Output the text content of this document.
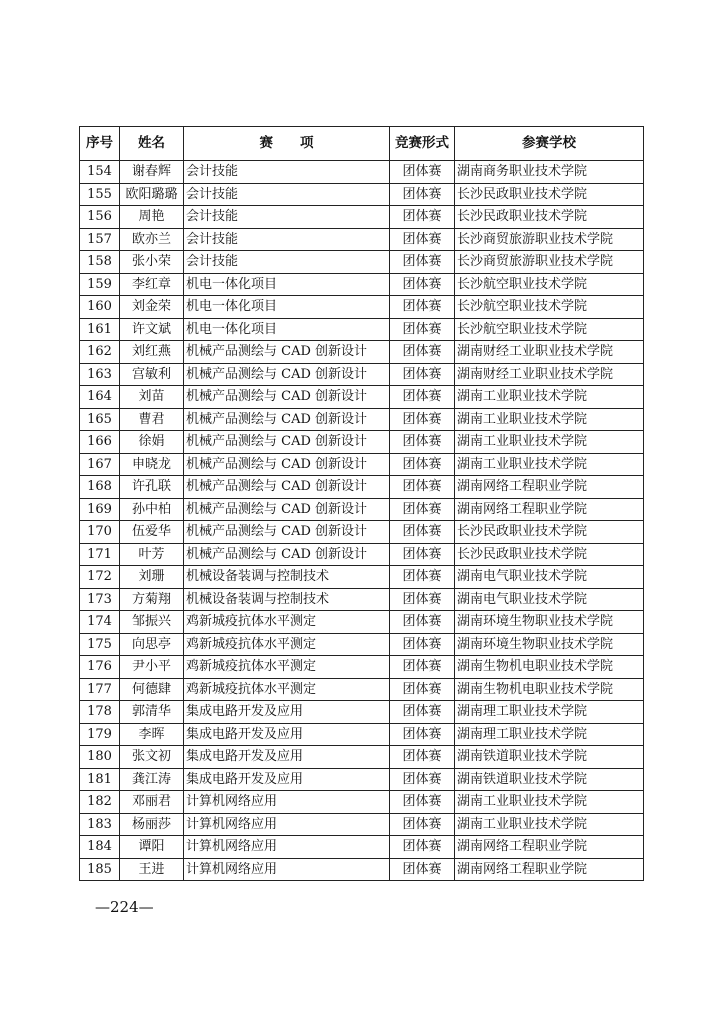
序号	姓名	赛　　项	竞赛形式	参赛学校
154	谢春辉	会计技能	团体赛	湖南商务职业技术学院
155	欧阳璐璐	会计技能	团体赛	长沙民政职业技术学院
156	周艳	会计技能	团体赛	长沙民政职业技术学院
157	欧亦兰	会计技能	团体赛	长沙商贸旅游职业技术学院
158	张小荣	会计技能	团体赛	长沙商贸旅游职业技术学院
159	李红章	机电一体化项目	团体赛	长沙航空职业技术学院
160	刘金荣	机电一体化项目	团体赛	长沙航空职业技术学院
161	许文斌	机电一体化项目	团体赛	长沙航空职业技术学院
162	刘红燕	机械产品测绘与 CAD 创新设计	团体赛	湖南财经工业职业技术学院
163	宫敏利	机械产品测绘与 CAD 创新设计	团体赛	湖南财经工业职业技术学院
164	刘苗	机械产品测绘与 CAD 创新设计	团体赛	湖南工业职业技术学院
165	曹君	机械产品测绘与 CAD 创新设计	团体赛	湖南工业职业技术学院
166	徐娟	机械产品测绘与 CAD 创新设计	团体赛	湖南工业职业技术学院
167	申晓龙	机械产品测绘与 CAD 创新设计	团体赛	湖南工业职业技术学院
168	许孔联	机械产品测绘与 CAD 创新设计	团体赛	湖南网络工程职业学院
169	孙中柏	机械产品测绘与 CAD 创新设计	团体赛	湖南网络工程职业学院
170	伍爱华	机械产品测绘与 CAD 创新设计	团体赛	长沙民政职业技术学院
171	叶芳	机械产品测绘与 CAD 创新设计	团体赛	长沙民政职业技术学院
172	刘珊	机械设备装调与控制技术	团体赛	湖南电气职业技术学院
173	方菊翔	机械设备装调与控制技术	团体赛	湖南电气职业技术学院
174	邹振兴	鸡新城疫抗体水平测定	团体赛	湖南环境生物职业技术学院
175	向思亭	鸡新城疫抗体水平测定	团体赛	湖南环境生物职业技术学院
176	尹小平	鸡新城疫抗体水平测定	团体赛	湖南生物机电职业技术学院
177	何德肆	鸡新城疫抗体水平测定	团体赛	湖南生物机电职业技术学院
178	郭清华	集成电路开发及应用	团体赛	湖南理工职业技术学院
179	李晖	集成电路开发及应用	团体赛	湖南理工职业技术学院
180	张文初	集成电路开发及应用	团体赛	湖南铁道职业技术学院
181	龚江涛	集成电路开发及应用	团体赛	湖南铁道职业技术学院
182	邓丽君	计算机网络应用	团体赛	湖南工业职业技术学院
183	杨丽莎	计算机网络应用	团体赛	湖南工业职业技术学院
184	谭阳	计算机网络应用	团体赛	湖南网络工程职业学院
185	王进	计算机网络应用	团体赛	湖南网络工程职业学院
—224—
